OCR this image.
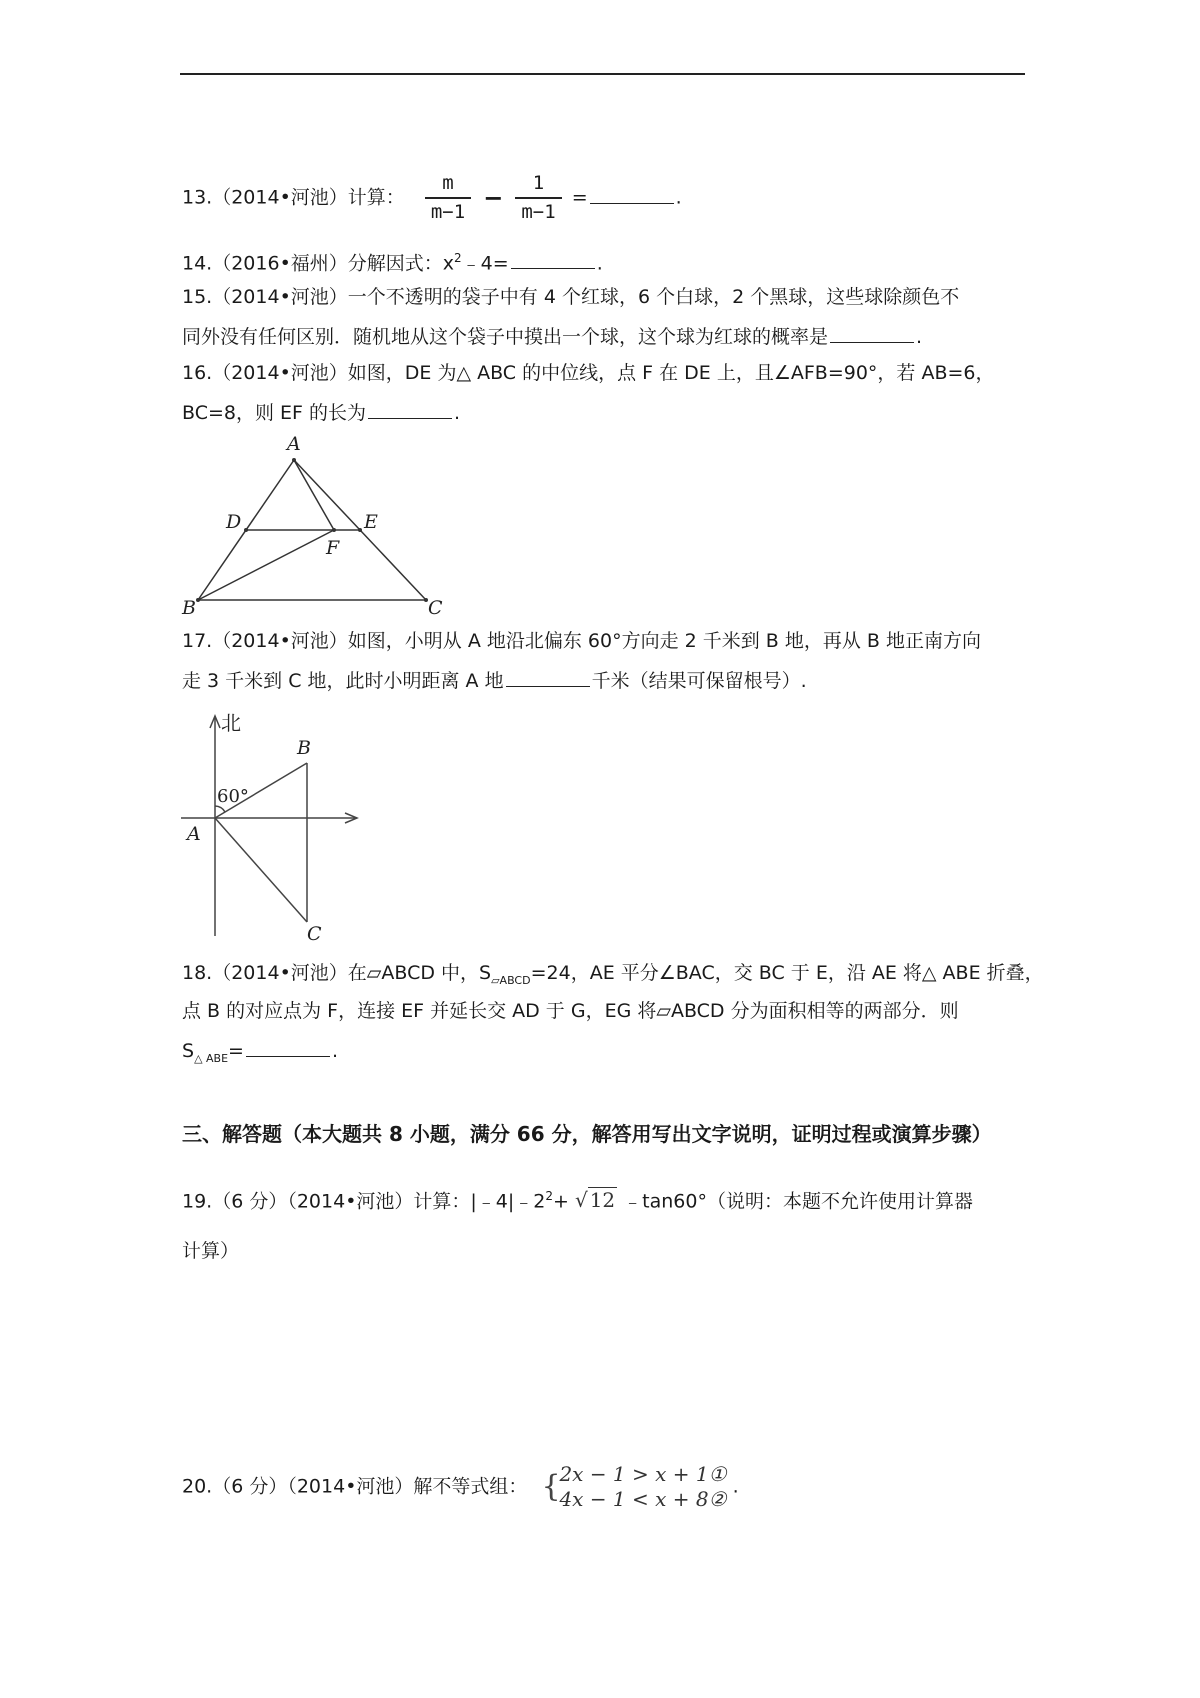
13.（2014•河池）计算： $\frac{m}{m-1} - \frac{1}{m-1}$ =	.
14.（2016•福州）分解因式：$x^2﹣4=$	.
15.（2014•河池）一个不透明的袋子中有 4 个红球，6 个白球，2 个黑球，这些球除颜色不
同外没有任何区别．随机地从这个袋子中摸出一个球，这个球为红球的概率是	.
16.（2014•河池）如图，DE 为△ ABC 的中位线，点 F 在 DE 上，且∠AFB=90°，若 AB=6，
BC=8，则 EF 的长为	.
A
B	C
D	E
F
17.（2014•河池）如图，小明从 A 地沿北偏东 60°方向走 2 千米到 B 地，再从 B 地正南方向
走 3 千米到 C 地，此时小明距离 A 地	千米（结果可保留根号）.
北
60°
A
B
C
18.（2014•河池）在▱ABCD 中，$S_{▱ABCD}=24$，AE 平分∠BAC，交 BC 于 E，沿 AE 将△ ABE 折叠，
点 B 的对应点为 F，连接 EF 并延长交 AD 于 G，EG 将▱ABCD 分为面积相等的两部分．则
$S_{\triangle ABE}=$	.
三、解答题（本大题共 8 小题，满分 66 分，解答用写出文字说明，证明过程或演算步骤）
19.（6 分）（2014•河池）计算：$|﹣4|﹣2^2+$ √ 12 ﹣tan60°（说明：本题不允许使用计算器
计算）
20.（6 分）（2014•河池）解不等式组： {
2x − 1 > x + 1①
4x − 1 < x + 8②
.
